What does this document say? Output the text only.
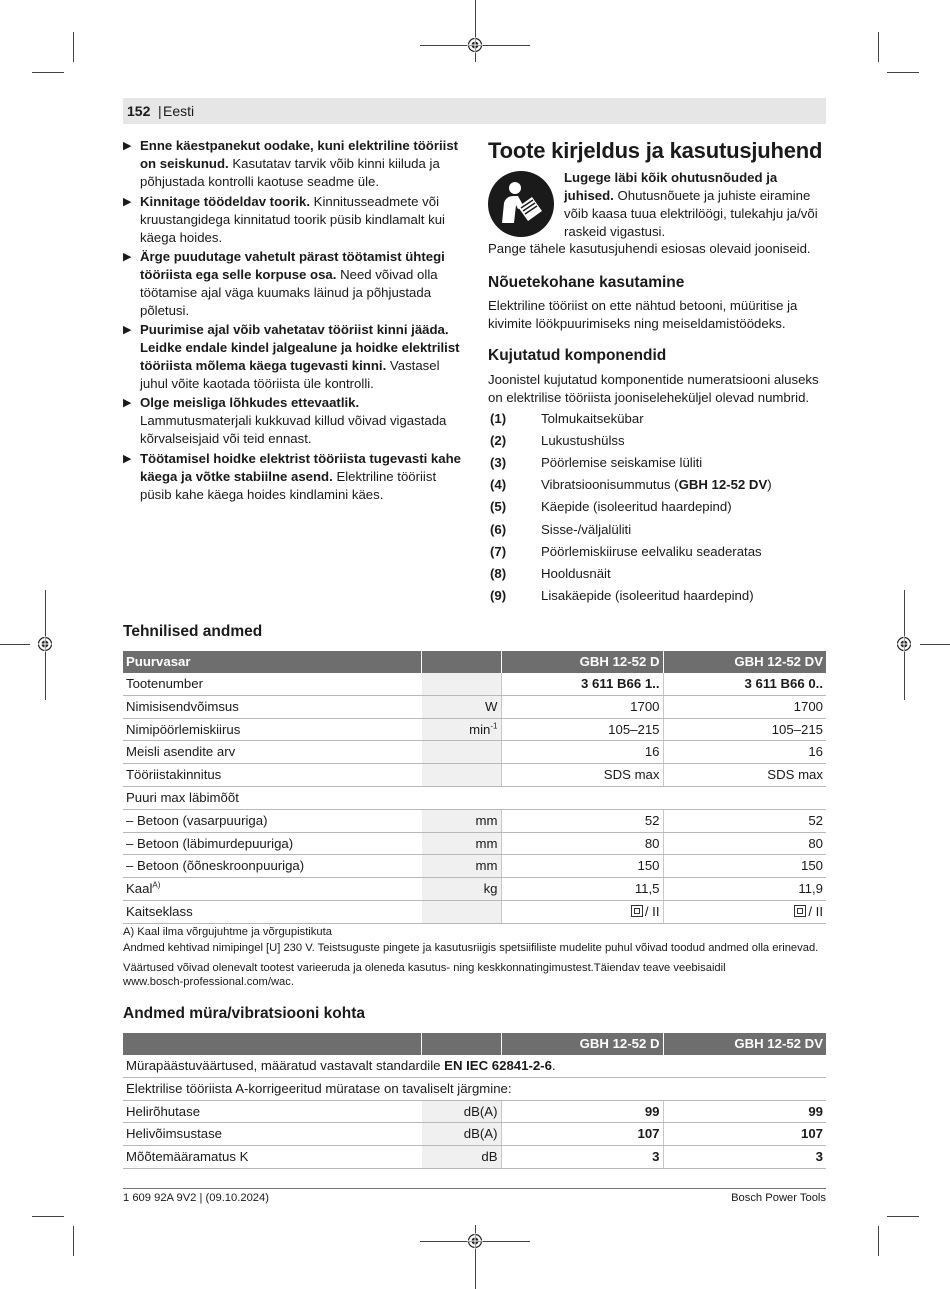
152 | Eesti
▶ Enne käestpanekut oodake, kuni elektriline tööriist on seiskunud. Kasutatav tarvik võib kinni kiiluda ja põhjustada kontrolli kaotuse seadme üle.
▶ Kinnitage töödeldav toorik. Kinnitusseadmete või kruustangidega kinnitatud toorik püsib kindlamalt kui käega hoides.
▶ Ärge puudutage vahetult pärast töötamist ühtegi tööriista ega selle korpuse osa. Need võivad olla töötamise ajal väga kuumaks läinud ja põhjustada põletusi.
▶ Puurimise ajal võib vahetatav tööriist kinni jääda. Leidke endale kindel jalgealune ja hoidke elektrilist tööriista mõlema käega tugevasti kinni. Vastasel juhul võite kaotada tööriista üle kontrolli.
▶ Olge meisliga lõhkudes ettevaatlik. Lammutusmaterjali kukkuvad killud võivad vigastada kõrvalseisjaid või teid ennast.
▶ Töötamisel hoidke elektrist tööriista tugevasti kahe käega ja võtke stabiilne asend. Elektriline tööriist püsib kahe käega hoides kindlamini käes.
Toote kirjeldus ja kasutusjuhend
Lugege läbi kõik ohutusnõuded ja juhised. Ohutusnõuete ja juhiste eiramine võib kaasa tuua elektrilöögi, tulekahju ja/või raskeid vigastusi.
Pange tähele kasutusjuhendi esiosas olevaid jooniseid.
Nõuetekohane kasutamine
Elektriline tööriist on ette nähtud betooni, müüritise ja kivimite löökpuurimiseks ning meiseldamistöödeks.
Kujutatud komponendid
Joonistel kujutatud komponentide numeratsiooni aluseks on elektrilise tööriista jooniseleheküljel olevad numbrid.
(1)	Tolmukaitsekübar
(2)	Lukustushülss
(3)	Pöörlemise seiskamise lüliti
(4)	Vibratsioonisummutus (GBH 12-52 DV)
(5)	Käepide (isoleeritud haardepind)
(6)	Sisse-/väljalüliti
(7)	Pöörlemiskiiruse eelvaliku seaderatas
(8)	Hooldusnäit
(9)	Lisakäepide (isoleeritud haardepind)
Tehnilised andmed
Puurvasar		GBH 12-52 D	GBH 12-52 DV
Tootenumber		3 611 B66 1..	3 611 B66 0..
Nimisisendvõimsus	W	1700	1700
Nimipöörlemiskiirus	$\min^{-1}$	105–215	105–215
Meisli asendite arv		16	16
Tööriistakinnitus		SDS max	SDS max
Puuri max läbimõõt			
– Betoon (vasarpuuriga)	mm	52	52
– Betoon (läbimurdepuuriga)	mm	80	80
– Betoon (õõneskroonpuuriga)	mm	150	150
Kaal$^{A)}$	kg	11,5	11,9
Kaitseklass		/ II	/ II
A) Kaal ilma võrgujuhtme ja võrgupistikuta
Andmed kehtivad nimipingel [U] 230 V. Teistsuguste pingete ja kasutusriigis spetsiifiliste mudelite puhul võivad toodud andmed olla erinevad.
Väärtused võivad olenevalt tootest varieeruda ja oleneda kasutus- ning keskkonnatingimustest.Täiendav teave veebisaidil
www.bosch-professional.com/wac.
Andmed müra/vibratsiooni kohta
		GBH 12-52 D	GBH 12-52 DV
Mürapäästuväärtused, määratud vastavalt standardile EN IEC 62841-2-6.			
Elektrilise tööriista A-korrigeeritud müratase on tavaliselt järgmine:			
Helirõhutase	dB(A)	99	99
Helivõimsustase	dB(A)	107	107
Mõõtemääramatus K	dB	3	3
1 609 92A 9V2 | (09.10.2024)	Bosch Power Tools
